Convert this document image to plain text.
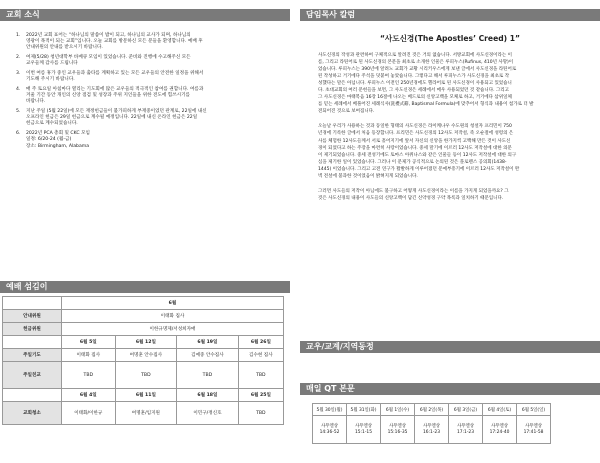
교회 소식
1.	2022년 교회 표어는 “하나님의 말씀이 밥이 되고, 하나님의 교사가 되며, 하나님의
영광이 목적이 되는 교회”입니다. 오늘 교회를 방문하신 모든 분들을 환영합니다. 예배 후
안내위원의 안내를 받으시기 바랍니다.
2.	여제(5/28) 청년대학부 바베큐 모임이 있었습니다. 준비와 진행에 수고해주신 모든
교우들께 감사를 드립니다
3.	이번 여름 휴가 중인 교우들과 출타를 계획하고 있는 모든 교우들의 안전한 일정을 위해서
기도해 주시기 바랍니다.
4.	매 주 토요일 아침마다 열리는 기도회에 많은 교우들의 적극적인 참여를 권합니다. 여름과
겨울 기간 동안 개인의 신앙 점검 및 성장과 주위 지인들을 위한 전도에 힘쓰시기를
바랍니다.
5.	지난 주일 (5월 22일)에 모든 재정헌금들이 불가피하게 부재중이었던 관계로, 22일에 내신
오프라인 헌금은 29일 헌금으로 계수될 예정입니다. 22일에 내신 온라인 헌금은 22일
헌금으로 계수되었습니다.
6.	2022년 PCA 총회 및 CKC 모임
일정: 6/20-24 (월-금)
장소: Birmingham, Alabama
예배 섬김이
	6월			
안내위원	이태화 집사			
헌금위원	이한규명제/서성희자매			
	6월 5일	6월 12일	6월 19일	6월 26일
주일기도	이태화 집사	여명훈 안수집사	김예중 안수집사	김수현 집사
주일친교	TBD	TBD	TBD	TBD
	6월 4일	6월 11일	6월 18일	6월 25일
교회청소	이태화/이한규	여명훈/임지원	이민구/정신호	TBD
담임목사 칼럼
“사도신경(The Apostles’ Creed) 1”

사도신경의 작성과 관련하여 구체적으로 알려진 것은 거의 없습니다. 서방교회에 사도신경이라는 이
름, 그리고 라틴어로 된 사도신경의 본문을 최초로 소개한 인물은 루피누스(Rufinus, 410년 사망)이
었습니다. 루피누스는 390년에 알려노 교회가 교황 시리키우스에게 보낸 글에서 사도신경을 라틴어로
된 작성하고 거기에다 주석을 덧붙여 놓았습니다. 그렇다고 해서 루피누스가 사도신경을 최초로 작
성했다는 말은 아닙니다. 루피누스 이전인 250년경에도 헬라어로 된 사도신경이 사용되고 있었습니
다. 초대교회의 여러 문헌들을 보면, 그 사도신경은 세례에서 매우 사용되었던 것 같습니다. 그리고
그 사도신경은 마태복음 16장 16절에 나오는 베드로의 신앙고백을 모체로 하고, 거기에다 삼위일체
를 믿는 세례에서 베풀어진 세례식사(洗禮式辭, Baptismal Formula)에 맞추어서 형식과 내용이 첨가로 더 발
전되어진 것으로 보여집니다.

오늘날 우리가 사용하는 것과 동일한 형태의 사도신경은 라이케나우 수도원의 청설자 프리민이 750
년경에 기록한 글에서 처음 등장합니다. 프리민은 사도신경의 12사도 저작설, 즉 오순절에 성령의 은
사를 체험한 12사도들께서 서로 흩어지기에 앞서 자신의 신앙을 한가지씩 고백해 만든 것이 사도신
경이 되었다고 하는 주장을 마련히 사랑이었습니다. 중세 말기에 이르러 12사도 저작설에 대한 의문
이 제기되었습니다. 중세 전성기에도 토마스 아퀴나스와 같은 인물들 등이 12사도 저작설에 대한 의구
심을 제기한 일이 있었습니다. 그러나 이 문제가 공식적으로 논의된 것은 플로렌스 공의회(1438-
1445) 이었습니다. 그리고 고전 연구가 활발하게 이루어졌던 문예부흥기에 이르러 12사도 저작설이 완
벽 전설에 불과한 것이었음이 밝혀지게 되었습니다.

그러면 사도들의 저작이 아님에도 불구하고 어떻게 사도신경이라는 이름을 가지게 되었을까요? 그
것은 사도신경의 내용이 사도들의 신앙고백이 담긴 신약성경 구약 목록과 일치하기 때문입니다.

교우/교계/지역동정
매일 QT 본문
5월 30일(월)	5월 31일(화)	6월 1일(수)	6월 2일(목)	6월 3일(금)	6월 4일(토)	6월 5일(일)

사무엘상
14:36-52	사무엘상
15:1-15	사무엘상
15:16-35	사무엘상
16:1-23	사무엘상
17:1-23	사무엘상
17:24-40	사무엘상
17:41-58
